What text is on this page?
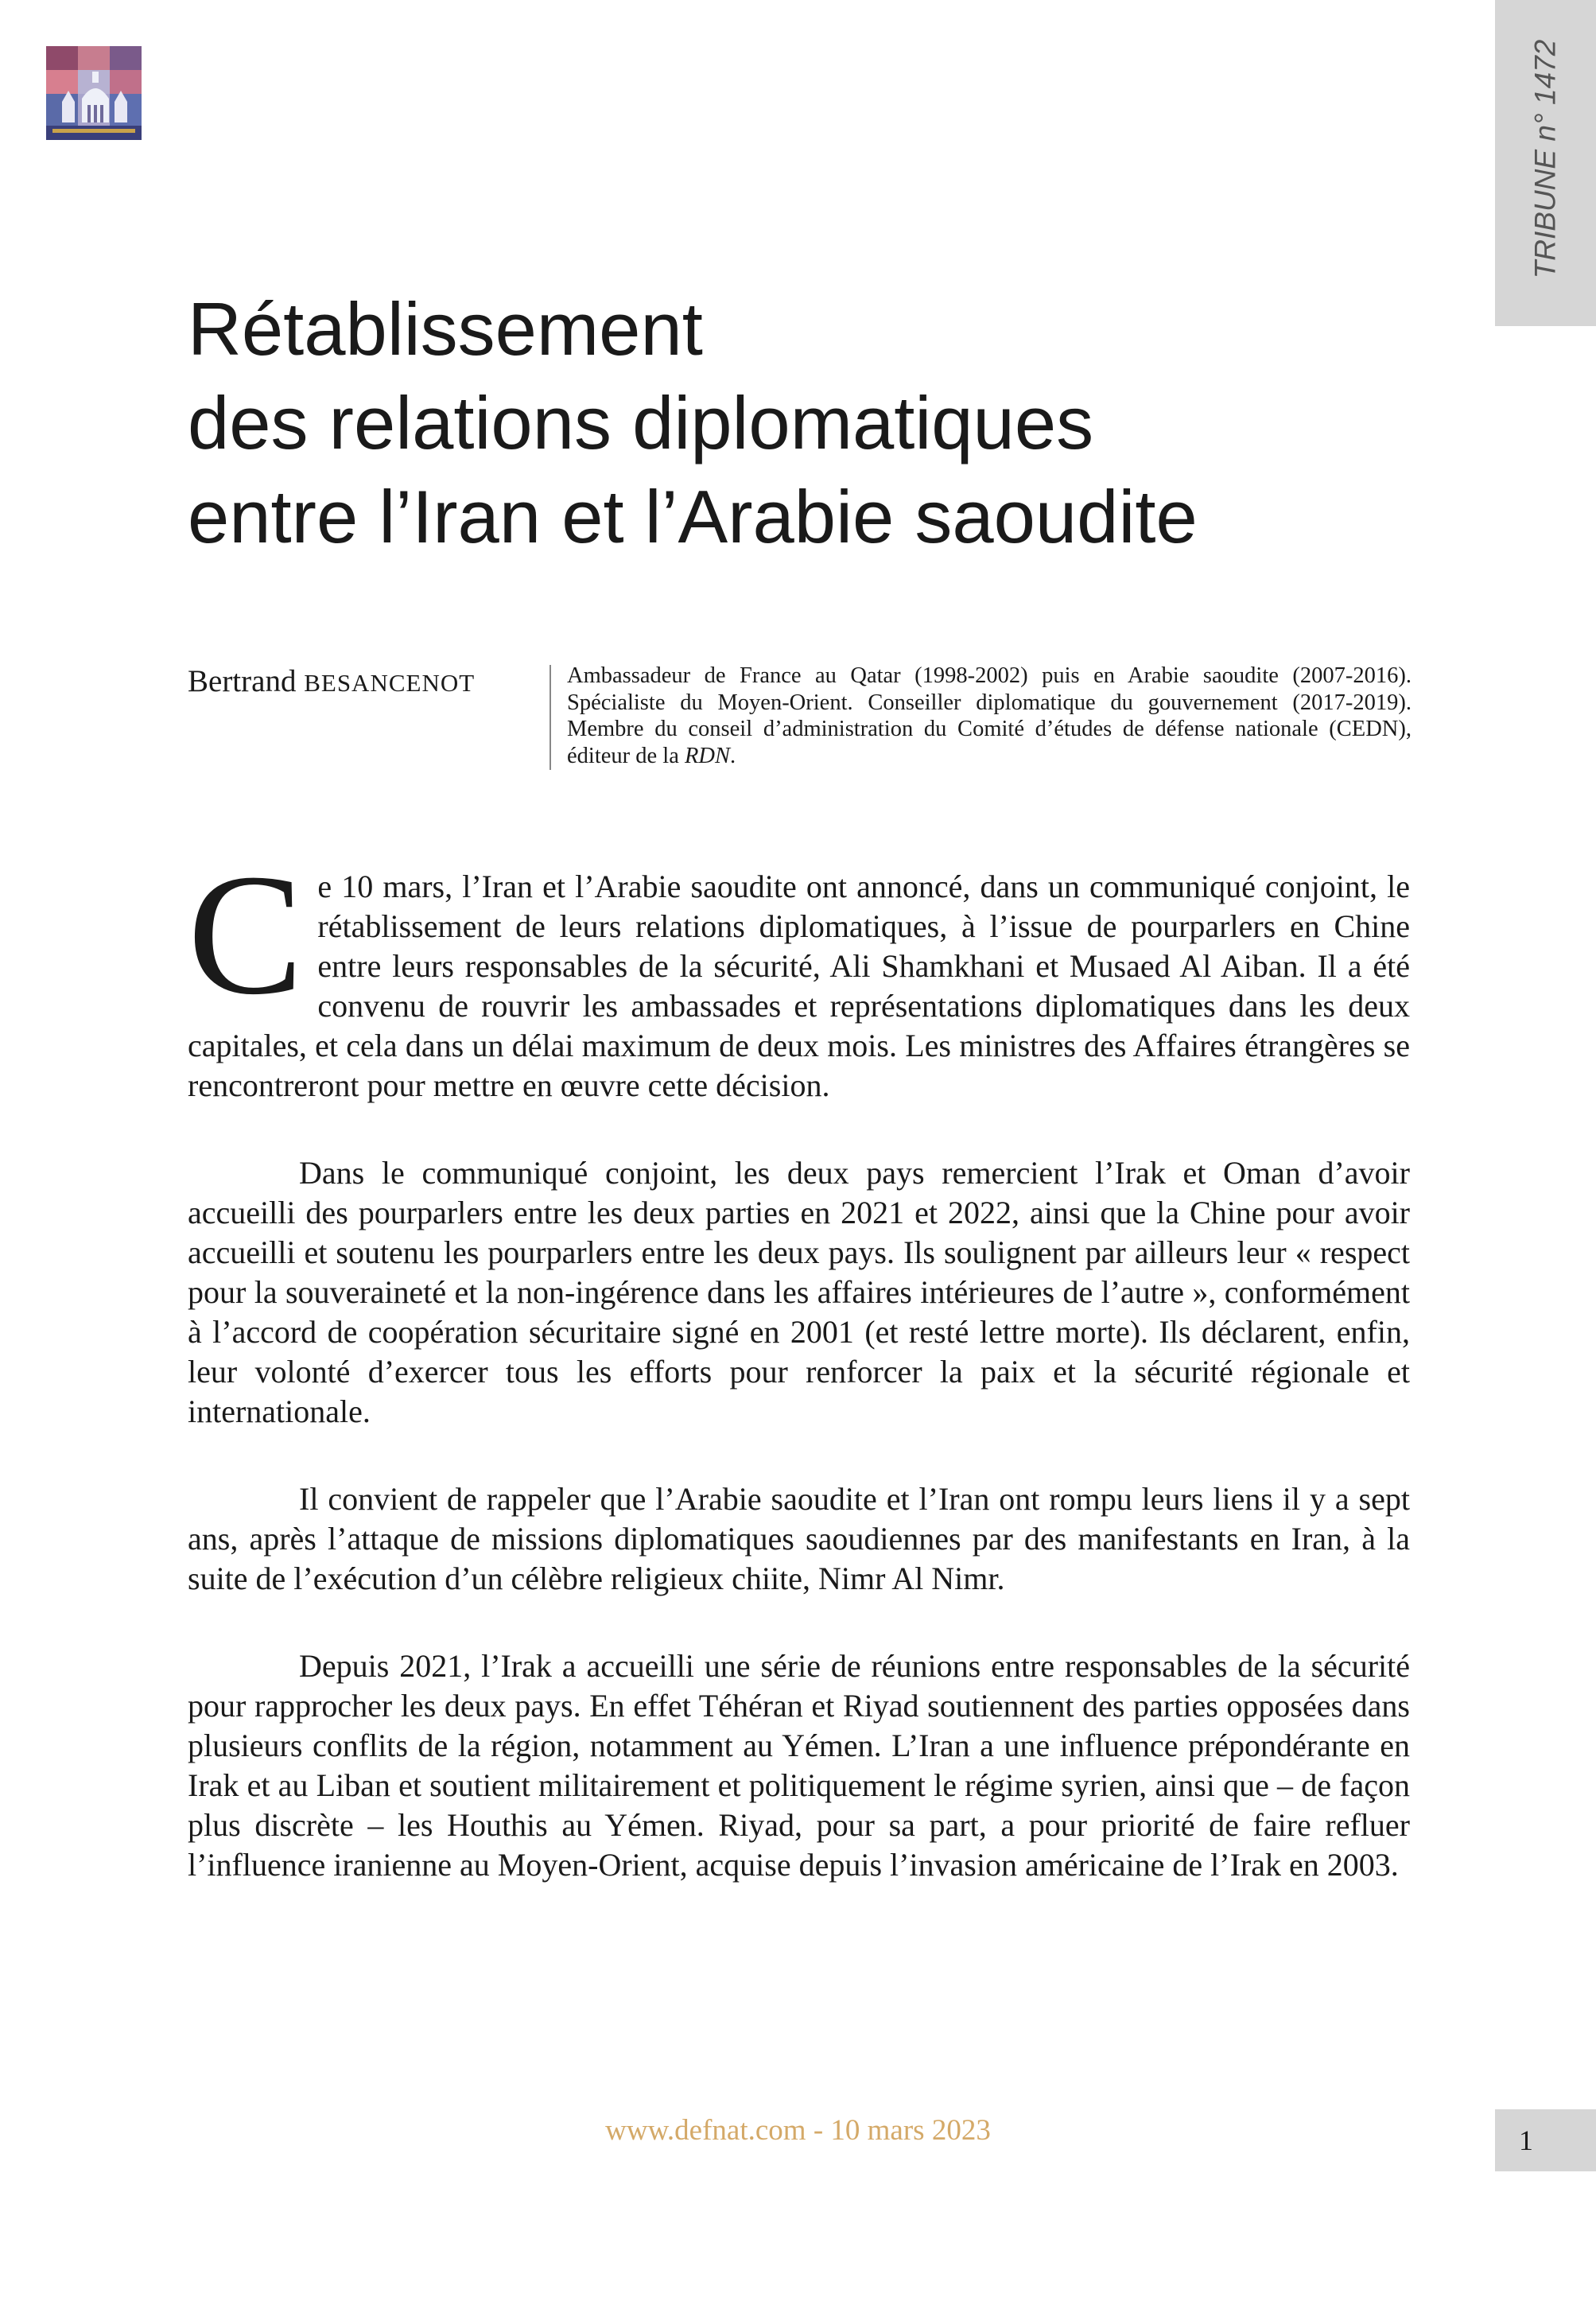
TRIBUNE n° 1472
Rétablissement
des relations diplomatiques
entre l’Iran et l’Arabie saoudite
Bertrand BESANCENOT	Ambassadeur de France au Qatar (1998-2002) puis en Arabie saoudite (2007-2016). Spécialiste du Moyen-Orient. Conseiller diplomatique du gouvernement (2017-2019). Membre du conseil d’administration du Comité d’études de défense nationale (CEDN), éditeur de la RDN.

Ce 10 mars, l’Iran et l’Arabie saoudite ont annoncé, dans un communiqué conjoint, le rétablissement de leurs relations diplomatiques, à l’issue de pourparlers en Chine entre leurs responsables de la sécurité, Ali Shamkhani et Musaed Al Aiban. Il a été convenu de rouvrir les ambassades et représentations diplomatiques dans les deux capitales, et cela dans un délai maximum de deux mois. Les ministres des Affaires étrangères se rencontreront pour mettre en œuvre cette décision.

Dans le communiqué conjoint, les deux pays remercient l’Irak et Oman d’avoir accueilli des pourparlers entre les deux parties en 2021 et 2022, ainsi que la Chine pour avoir accueilli et soutenu les pourparlers entre les deux pays. Ils soulignent par ailleurs leur « respect pour la souveraineté et la non-ingérence dans les affaires intérieures de l’autre », conformément à l’accord de coopération sécuritaire signé en 2001 (et resté lettre morte). Ils déclarent, enfin, leur volonté d’exercer tous les efforts pour renforcer la paix et la sécurité régionale et internationale.

Il convient de rappeler que l’Arabie saoudite et l’Iran ont rompu leurs liens il y a sept ans, après l’attaque de missions diplomatiques saoudiennes par des manifestants en Iran, à la suite de l’exécution d’un célèbre religieux chiite, Nimr Al Nimr.

Depuis 2021, l’Irak a accueilli une série de réunions entre responsables de la sécurité pour rapprocher les deux pays. En effet Téhéran et Riyad soutiennent des parties opposées dans plusieurs conflits de la région, notamment au Yémen. L’Iran a une influence prépondérante en Irak et au Liban et soutient militairement et politiquement le régime syrien, ainsi que – de façon plus discrète – les Houthis au Yémen. Riyad, pour sa part, a pour priorité de faire refluer l’influence iranienne au Moyen-Orient, acquise depuis l’invasion américaine de l’Irak en 2003.

www.defnat.com - 10 mars 2023	1
